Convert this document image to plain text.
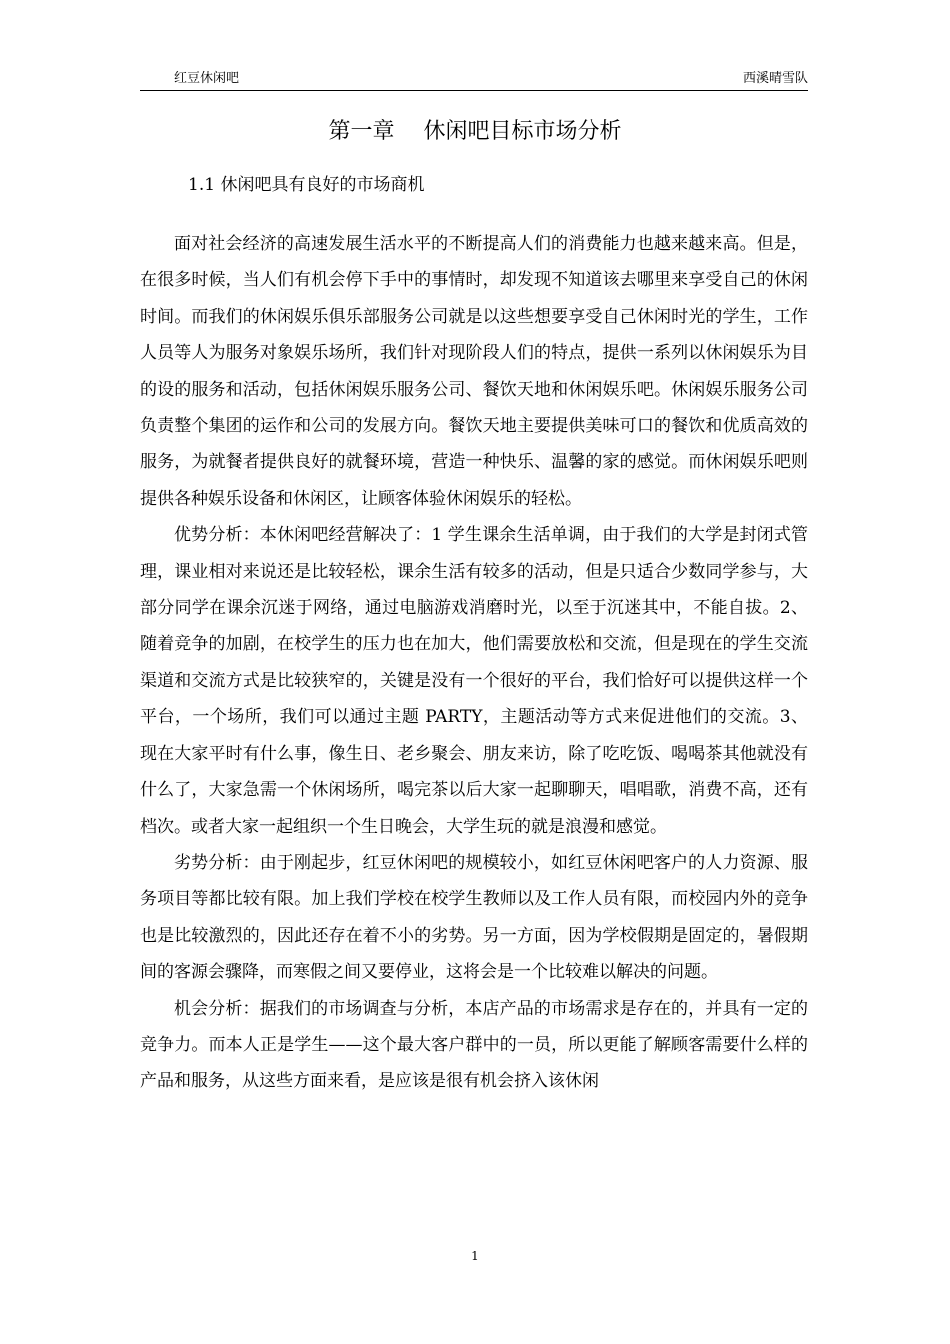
红豆休闲吧	西溪晴雪队
第一章　 休闲吧目标市场分析
1.1 休闲吧具有良好的市场商机

面对社会经济的高速发展生活水平的不断提高人们的消费能力也越来越来高。但是，在很多时候，当人们有机会停下手中的事情时，却发现不知道该去哪里来享受自己的休闲时间。而我们的休闲娱乐俱乐部服务公司就是以这些想要享受自己休闲时光的学生，工作人员等人为服务对象娱乐场所，我们针对现阶段人们的特点，提供一系列以休闲娱乐为目的设的服务和活动，包括休闲娱乐服务公司、餐饮天地和休闲娱乐吧。休闲娱乐服务公司负责整个集团的运作和公司的发展方向。餐饮天地主要提供美味可口的餐饮和优质高效的服务，为就餐者提供良好的就餐环境，营造一种快乐、温馨的家的感觉。而休闲娱乐吧则提供各种娱乐设备和休闲区，让顾客体验休闲娱乐的轻松。

优势分析：本休闲吧经营解决了：1 学生课余生活单调，由于我们的大学是封闭式管理，课业相对来说还是比较轻松，课余生活有较多的活动，但是只适合少数同学参与，大部分同学在课余沉迷于网络，通过电脑游戏消磨时光，以至于沉迷其中，不能自拔。2、随着竞争的加剧，在校学生的压力也在加大，他们需要放松和交流，但是现在的学生交流渠道和交流方式是比较狭窄的，关键是没有一个很好的平台，我们恰好可以提供这样一个平台，一个场所，我们可以通过主题 PARTY，主题活动等方式来促进他们的交流。3、现在大家平时有什么事，像生日、老乡聚会、朋友来访，除了吃吃饭、喝喝茶其他就没有什么了，大家急需一个休闲场所，喝完茶以后大家一起聊聊天，唱唱歌，消费不高，还有档次。或者大家一起组织一个生日晚会，大学生玩的就是浪漫和感觉。

劣势分析：由于刚起步，红豆休闲吧的规模较小，如红豆休闲吧客户的人力资源、服务项目等都比较有限。加上我们学校在校学生教师以及工作人员有限，而校园内外的竞争也是比较激烈的，因此还存在着不小的劣势。另一方面，因为学校假期是固定的，暑假期间的客源会骤降，而寒假之间又要停业，这将会是一个比较难以解决的问题。

机会分析：据我们的市场调查与分析，本店产品的市场需求是存在的，并具有一定的竞争力。而本人正是学生——这个最大客户群中的一员，所以更能了解顾客需要什么样的产品和服务，从这些方面来看，是应该是很有机会挤入该休闲

1
